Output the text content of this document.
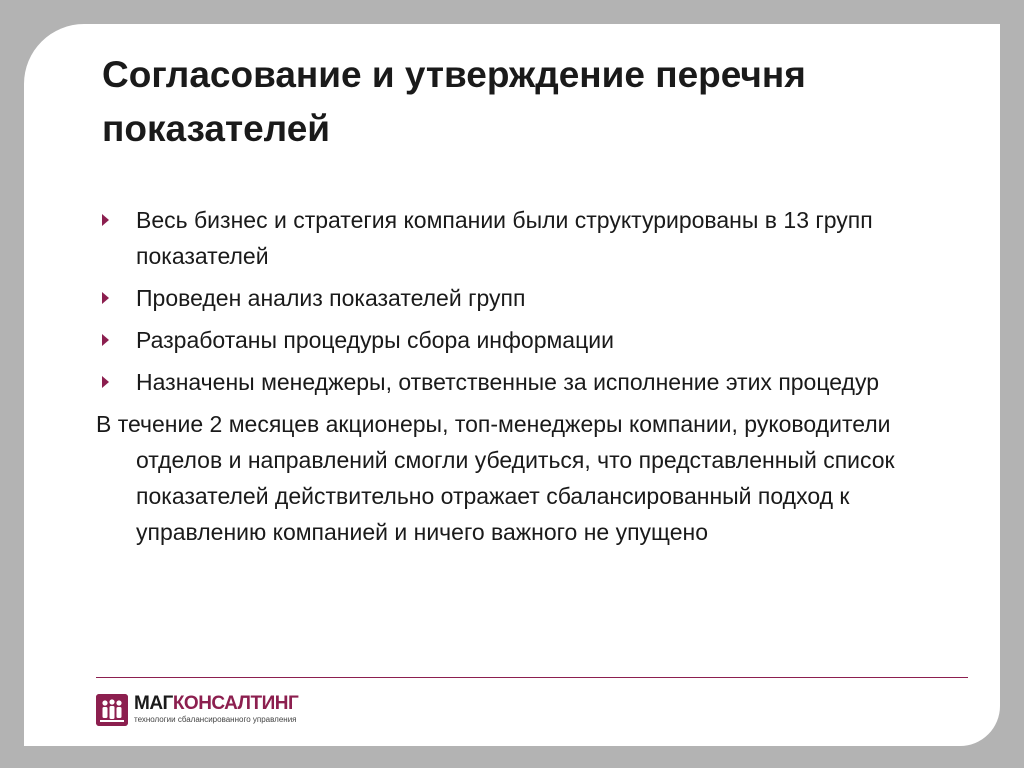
Согласование и утверждение перечня показателей
Весь бизнес и стратегия компании были структурированы в 13 групп показателей
Проведен анализ показателей групп
Разработаны процедуры сбора информации
Назначены менеджеры, ответственные за исполнение этих процедур

В течение 2 месяцев акционеры, топ-менеджеры компании, руководители отделов и направлений смогли убедиться, что представленный список показателей действительно отражает сбалансированный подход к управлению компанией и ничего важного не упущено

МАГКОНСАЛТИНГ
технологии сбалансированного управления
